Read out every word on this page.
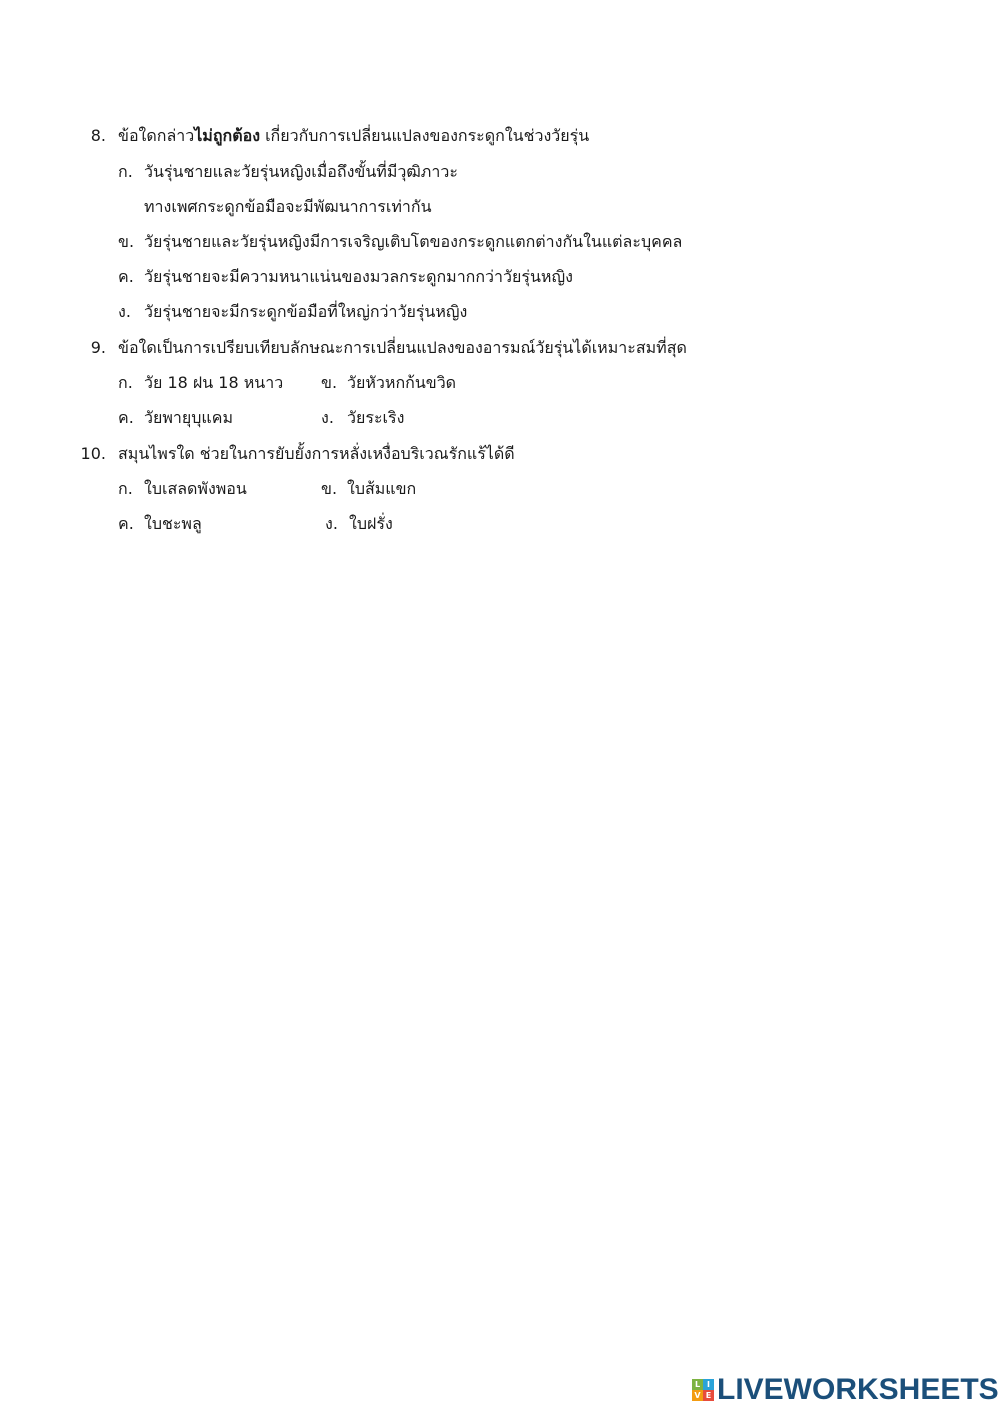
8. ข้อใดกล่าวไม่ถูกต้อง เกี่ยวกับการเปลี่ยนแปลงของกระดูกในช่วงวัยรุ่น
ก. วันรุ่นชายและวัยรุ่นหญิงเมื่อถึงขั้นที่มีวุฒิภาวะ
ทางเพศกระดูกข้อมือจะมีพัฒนาการเท่ากัน
ข. วัยรุ่นชายและวัยรุ่นหญิงมีการเจริญเติบโตของกระดูกแตกต่างกันในแต่ละบุคคล
ค. วัยรุ่นชายจะมีความหนาแน่นของมวลกระดูกมากกว่าวัยรุ่นหญิง
ง. วัยรุ่นชายจะมีกระดูกข้อมือที่ใหญ่กว่าวัยรุ่นหญิง
9. ข้อใดเป็นการเปรียบเทียบลักษณะการเปลี่ยนแปลงของอารมณ์วัยรุ่นได้เหมาะสมที่สุด
ก. วัย 18 ฝน 18 หนาว ข. วัยหัวหกก้นขวิด
ค. วัยพายุบุแคม	ง. วัยระเริง
10. สมุนไพรใด ช่วยในการยับยั้งการหลั่งเหงื่อบริเวณรักแร้ได้ดี
ก. ใบเสลดพังพอน	ข. ใบส้มแขก
ค. ใบชะพลู	ง. ใบฝรั่ง
L I
V E LIVEWORKSHEETS
